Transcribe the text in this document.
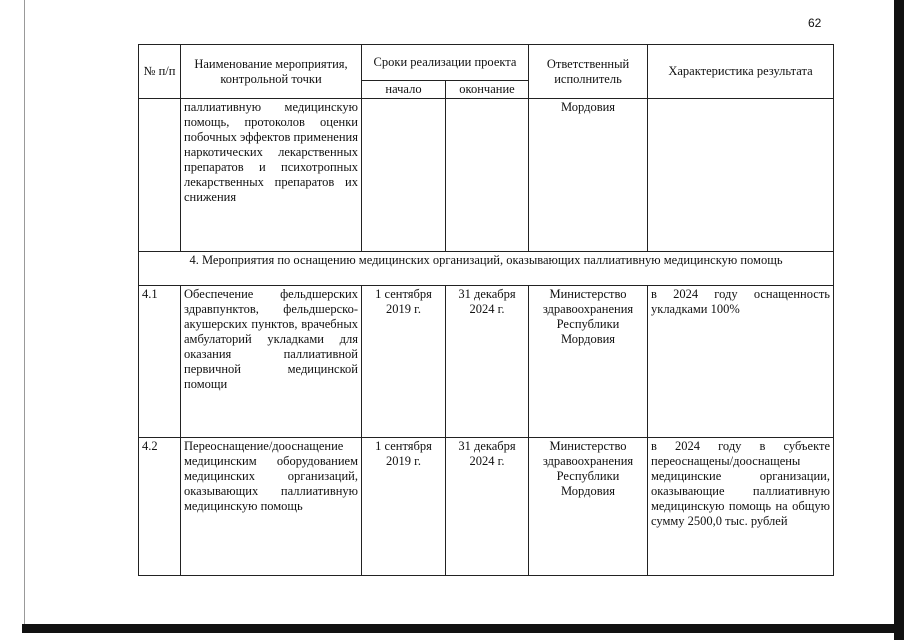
62
№ п/п	Наименование мероприятия, контрольной точки	Сроки реализации проекта		Ответственный исполнитель	Характеристика результата
		начало	окончание		
	паллиативную медицинскую помощь, протоколов оценки побочных эффектов применения наркотических лекарственных препаратов и психотропных лекарственных препаратов их снижения			Мордовия	
4. Мероприятия по оснащению медицинских организаций, оказывающих паллиативную медицинскую помощь					
4.1	Обеспечение фельдшерских здравпунктов, фельдшерско-акушерских пунктов, врачебных амбулаторий укладками для оказания паллиативной первичной медицинской помощи	1 сентября 2019 г.	31 декабря 2024 г.	Министерство здравоохранения Республики Мордовия	в 2024 году оснащенность укладками 100%
4.2	Переоснащение/дооснащение медицинским оборудованием медицинских организаций, оказывающих паллиативную медицинскую помощь	1 сентября 2019 г.	31 декабря 2024 г.	Министерство здравоохранения Республики Мордовия	в 2024 году в субъекте переоснащены/дооснащены медицинские организации, оказывающие паллиативную медицинскую помощь на общую сумму 2500,0 тыс. рублей
